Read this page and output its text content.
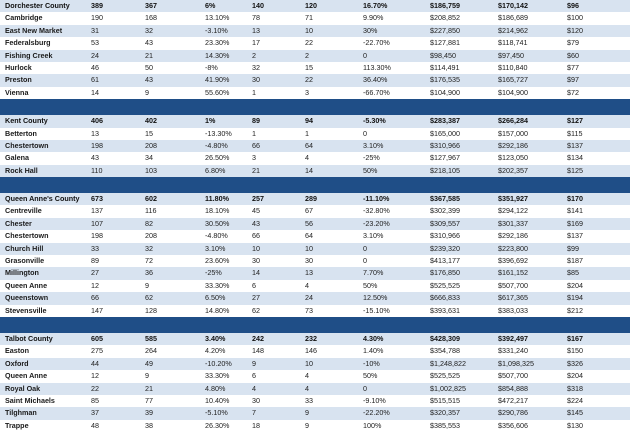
Dorchester County	389	367	6%	140	120	16.70%	$186,759	$170,142	$96
Cambridge	190	168	13.10%	78	71	9.90%	$208,852	$186,689	$100
East New Market	31	32	-3.10%	13	10	30%	$227,850	$214,962	$120
Federalsburg	53	43	23.30%	17	22	-22.70%	$127,881	$118,741	$79
Fishing Creek	24	21	14.30%	2	2	0	$98,450	$97,450	$60
Hurlock	46	50	-8%	32	15	113.30%	$114,491	$110,840	$77
Preston	61	43	41.90%	30	22	36.40%	$176,535	$165,727	$97
Vienna	14	9	55.60%	1	3	-66.70%	$104,900	$104,900	$72
Kent County	406	402	1%	89	94	-5.30%	$283,387	$266,284	$127
Betterton	13	15	-13.30%	1	1	0	$165,000	$157,000	$115
Chestertown	198	208	-4.80%	66	64	3.10%	$310,966	$292,186	$137
Galena	43	34	26.50%	3	4	-25%	$127,967	$123,050	$134
Rock Hall	110	103	6.80%	21	14	50%	$218,105	$202,357	$125
Queen Anne's County 673	602	11.80%	257	289	-11.10%	$367,585	$351,927	$170
Centreville	137	116	18.10%	45	67	-32.80%	$302,399	$294,122	$141
Chester	107	82	30.50%	43	56	-23.20%	$309,557	$301,337	$169
Chestertown	198	208	-4.80%	66	64	3.10%	$310,966	$292,186	$137
Church Hill	33	32	3.10%	10	10	0	$239,320	$223,800	$99
Grasonville	89	72	23.60%	30	30	0	$413,177	$396,692	$187
Millington	27	36	-25%	14	13	7.70%	$176,850	$161,152	$85
Queen Anne	12	9	33.30%	6	4	50%	$525,525	$507,700	$204
Queenstown	66	62	6.50%	27	24	12.50%	$666,833	$617,365	$194
Stevensville	147	128	14.80%	62	73	-15.10%	$393,631	$383,033	$212
Talbot County	605	585	3.40%	242	232	4.30%	$428,309	$392,497	$167
Easton	275	264	4.20%	148	146	1.40%	$354,788	$331,240	$150
Oxford	44	49	-10.20%	9	10	-10%	$1,248,822	$1,098,325	$326
Queen Anne	12	9	33.30%	6	4	50%	$525,525	$507,700	$204
Royal Oak	22	21	4.80%	4	4	0	$1,002,825	$854,888	$318
Saint Michaels	85	77	10.40%	30	33	-9.10%	$515,515	$472,217	$224
Tilghman	37	39	-5.10%	7	9	-22.20%	$320,357	$290,786	$145
Trappe	48	38	26.30%	18	9	100%	$385,553	$356,606	$130
